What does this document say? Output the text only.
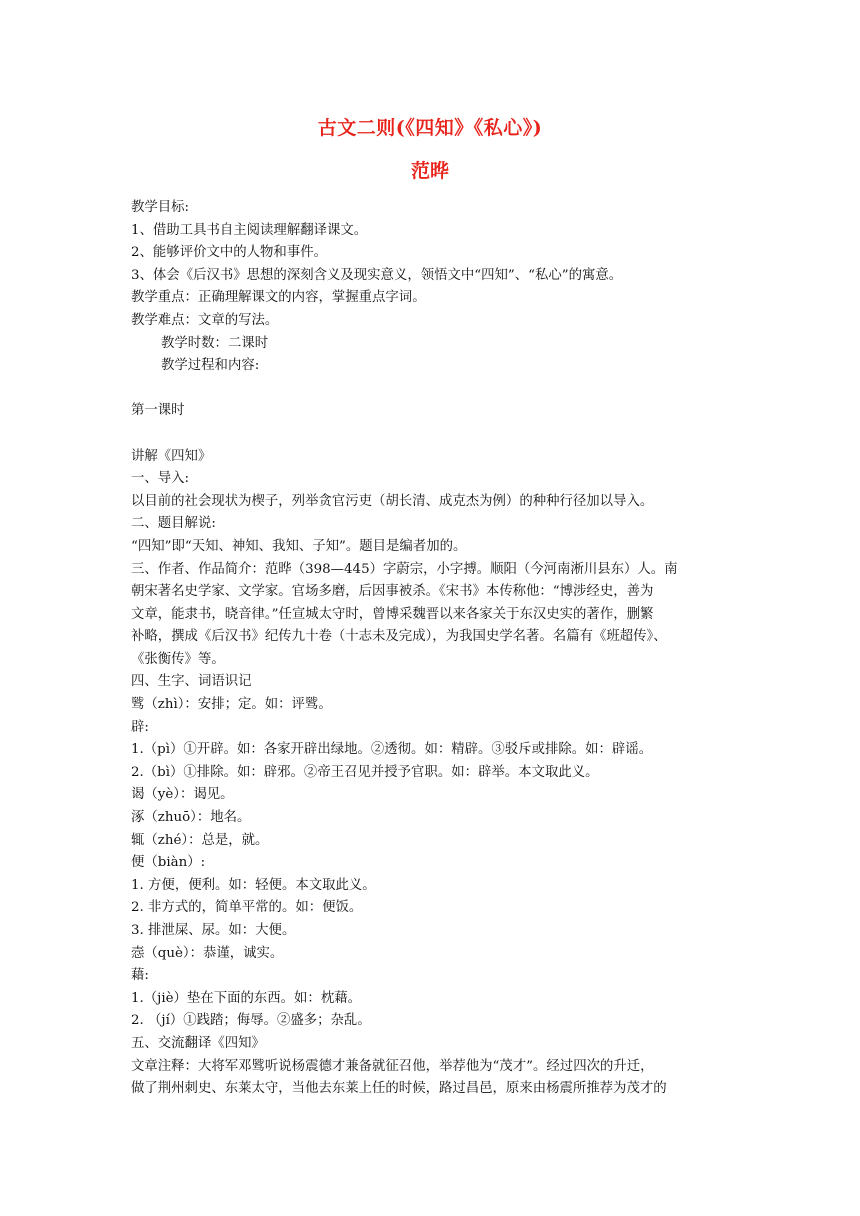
古文二则(《四知》《私心》)
范晔
教学目标:
1、借助工具书自主阅读理解翻译课文。
2、能够评价文中的人物和事件。
3、体会《后汉书》思想的深刻含义及现实意义，领悟文中“四知”、“私心”的寓意。
教学重点：正确理解课文的内容，掌握重点字词。
教学难点：文章的写法。
教学时数：二课时
教学过程和内容:
第一课时
讲解《四知》
一、导入:
以目前的社会现状为楔子，列举贪官污吏（胡长清、成克杰为例）的种种行径加以导入。
二、题目解说:
“四知”即“天知、神知、我知、子知”。题目是编者加的。
三、作者、作品简介：范晔（398—445）字蔚宗，小字搏。顺阳（今河南淅川县东）人。南
朝宋著名史学家、文学家。官场多磨，后因事被杀。《宋书》本传称他：“博涉经史，善为
文章，能隶书，晓音律。”任宣城太守时，曾博采魏晋以来各家关于东汉史实的著作，删繁
补略，撰成《后汉书》纪传九十卷（十志未及完成），为我国史学名著。名篇有《班超传》、
《张衡传》等。
四、生字、词语识记
骘（zhì）：安排；定。如：评骘。
辟:
1.（pì）①开辟。如：各家开辟出绿地。②透彻。如：精辟。③驳斥或排除。如：辟谣。
2.（bì）①排除。如：辟邪。②帝王召见并授予官职。如：辟举。本文取此义。
谒（yè）：谒见。
涿（zhuō）：地名。
辄（zhé）：总是，就。
便（biàn）:
1. 方便，便利。如：轻便。本文取此义。
2. 非方式的，简单平常的。如：便饭。
3. 排泄屎、尿。如：大便。
悫（què）：恭谨，诚实。
藉:
1.（jiè）垫在下面的东西。如：枕藉。
2. （jí）①践踏；侮辱。②盛多；杂乱。
五、交流翻译《四知》
文章注释：大将军邓骘听说杨震德才兼备就征召他，举荐他为“茂才”。经过四次的升迁，
做了荆州刺史、东莱太守，当他去东莱上任的时候，路过昌邑，原来由杨震所推荐为茂才的
